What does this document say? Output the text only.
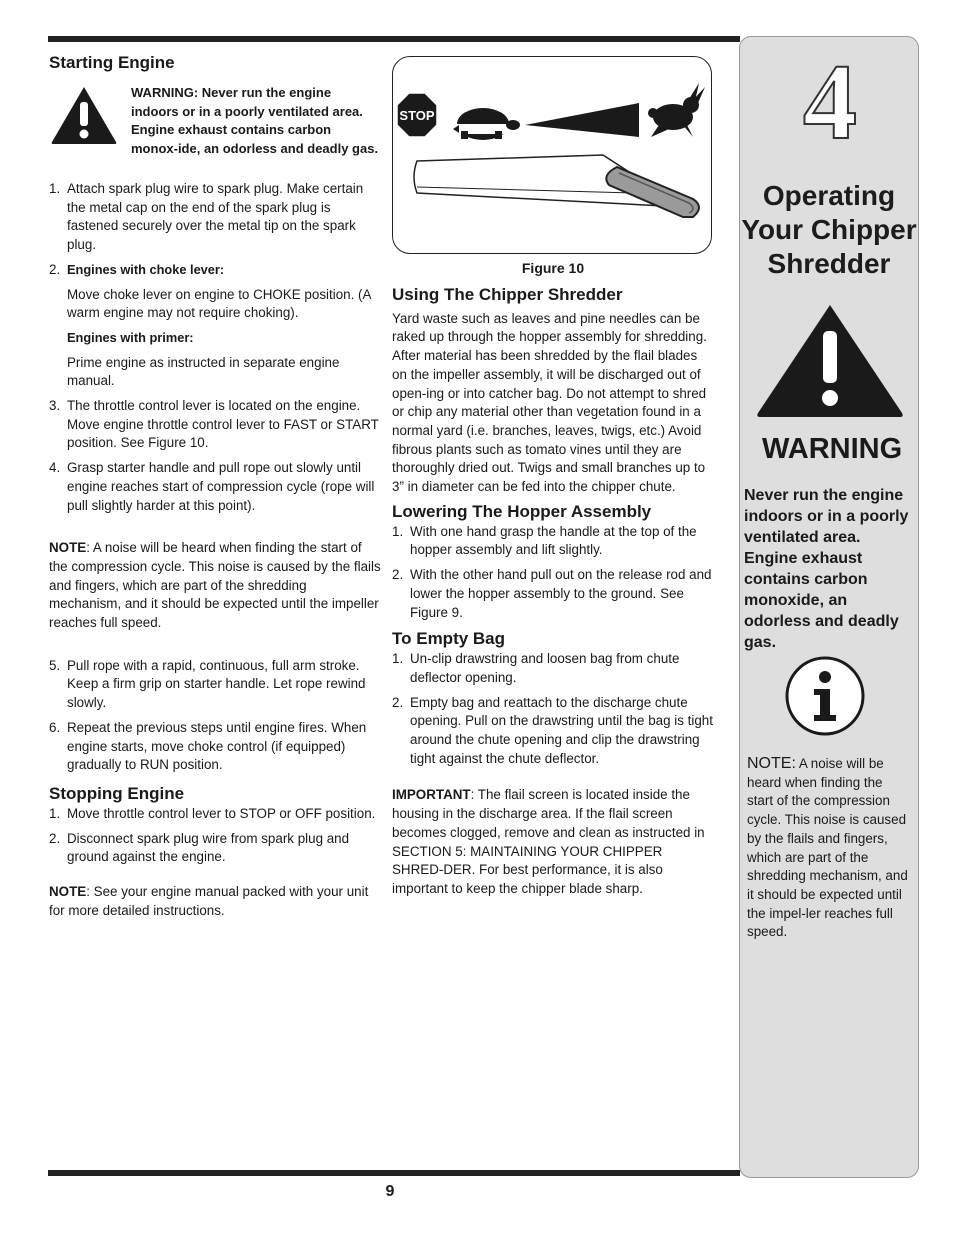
Starting Engine
WARNING: Never run the engine indoors or in a poorly ventilated area. Engine exhaust contains carbon monox-ide, an odorless and deadly gas.
1. Attach spark plug wire to spark plug. Make certain the metal cap on the end of the spark plug is fastened securely over the metal tip on the spark plug.
2. Engines with choke lever:

Move choke lever on engine to CHOKE position. (A warm engine may not require choking).

Engines with primer:

Prime engine as instructed in separate engine manual.

3. The throttle control lever is located on the engine. Move engine throttle control lever to FAST or START position. See Figure 10.
4. Grasp starter handle and pull rope out slowly until engine reaches start of compression cycle (rope will pull slightly harder at this point).

NOTE: A noise will be heard when finding the start of the compression cycle. This noise is caused by the flails and fingers, which are part of the shredding mechanism, and it should be expected until the impeller reaches full speed.

5. Pull rope with a rapid, continuous, full arm stroke. Keep a firm grip on starter handle. Let rope rewind slowly.
6. Repeat the previous steps until engine fires. When engine starts, move choke control (if equipped) gradually to RUN position.
Stopping Engine
1. Move throttle control lever to STOP or OFF position.
2. Disconnect spark plug wire from spark plug and ground against the engine.

NOTE: See your engine manual packed with your unit for more detailed instructions.

STOP
Figure 10
Using The Chipper Shredder

Yard waste such as leaves and pine needles can be raked up through the hopper assembly for shredding. After material has been shredded by the flail blades on the impeller assembly, it will be discharged out of open-ing or into catcher bag. Do not attempt to shred or chip any material other than vegetation found in a normal yard (i.e. branches, leaves, twigs, etc.) Avoid fibrous plants such as tomato vines until they are thoroughly dried out. Twigs and small branches up to 3” in diameter can be fed into the chipper chute.

Lowering The Hopper Assembly
1. With one hand grasp the handle at the top of the hopper assembly and lift slightly.
2. With the other hand pull out on the release rod and lower the hopper assembly to the ground. See Figure 9.
To Empty Bag
1. Un-clip drawstring and loosen bag from chute deflector opening.
2. Empty bag and reattach to the discharge chute opening. Pull on the drawstring until the bag is tight around the chute opening and clip the drawstring tight against the chute deflector.

IMPORTANT: The flail screen is located inside the housing in the discharge area. If the flail screen becomes clogged, remove and clean as instructed in SECTION 5: MAINTAINING YOUR CHIPPER SHRED-DER. For best performance, it is also important to keep the chipper blade sharp.

4
Operating Your Chipper Shredder
WARNING
Never run the engine indoors or in a poorly ventilated area. Engine exhaust contains carbon monoxide, an odorless and deadly gas.
NOTE: A noise will be heard when finding the start of the compression cycle. This noise is caused by the flails and fingers, which are part of the shredding mechanism, and it should be expected until the impel-ler reaches full speed.
9
